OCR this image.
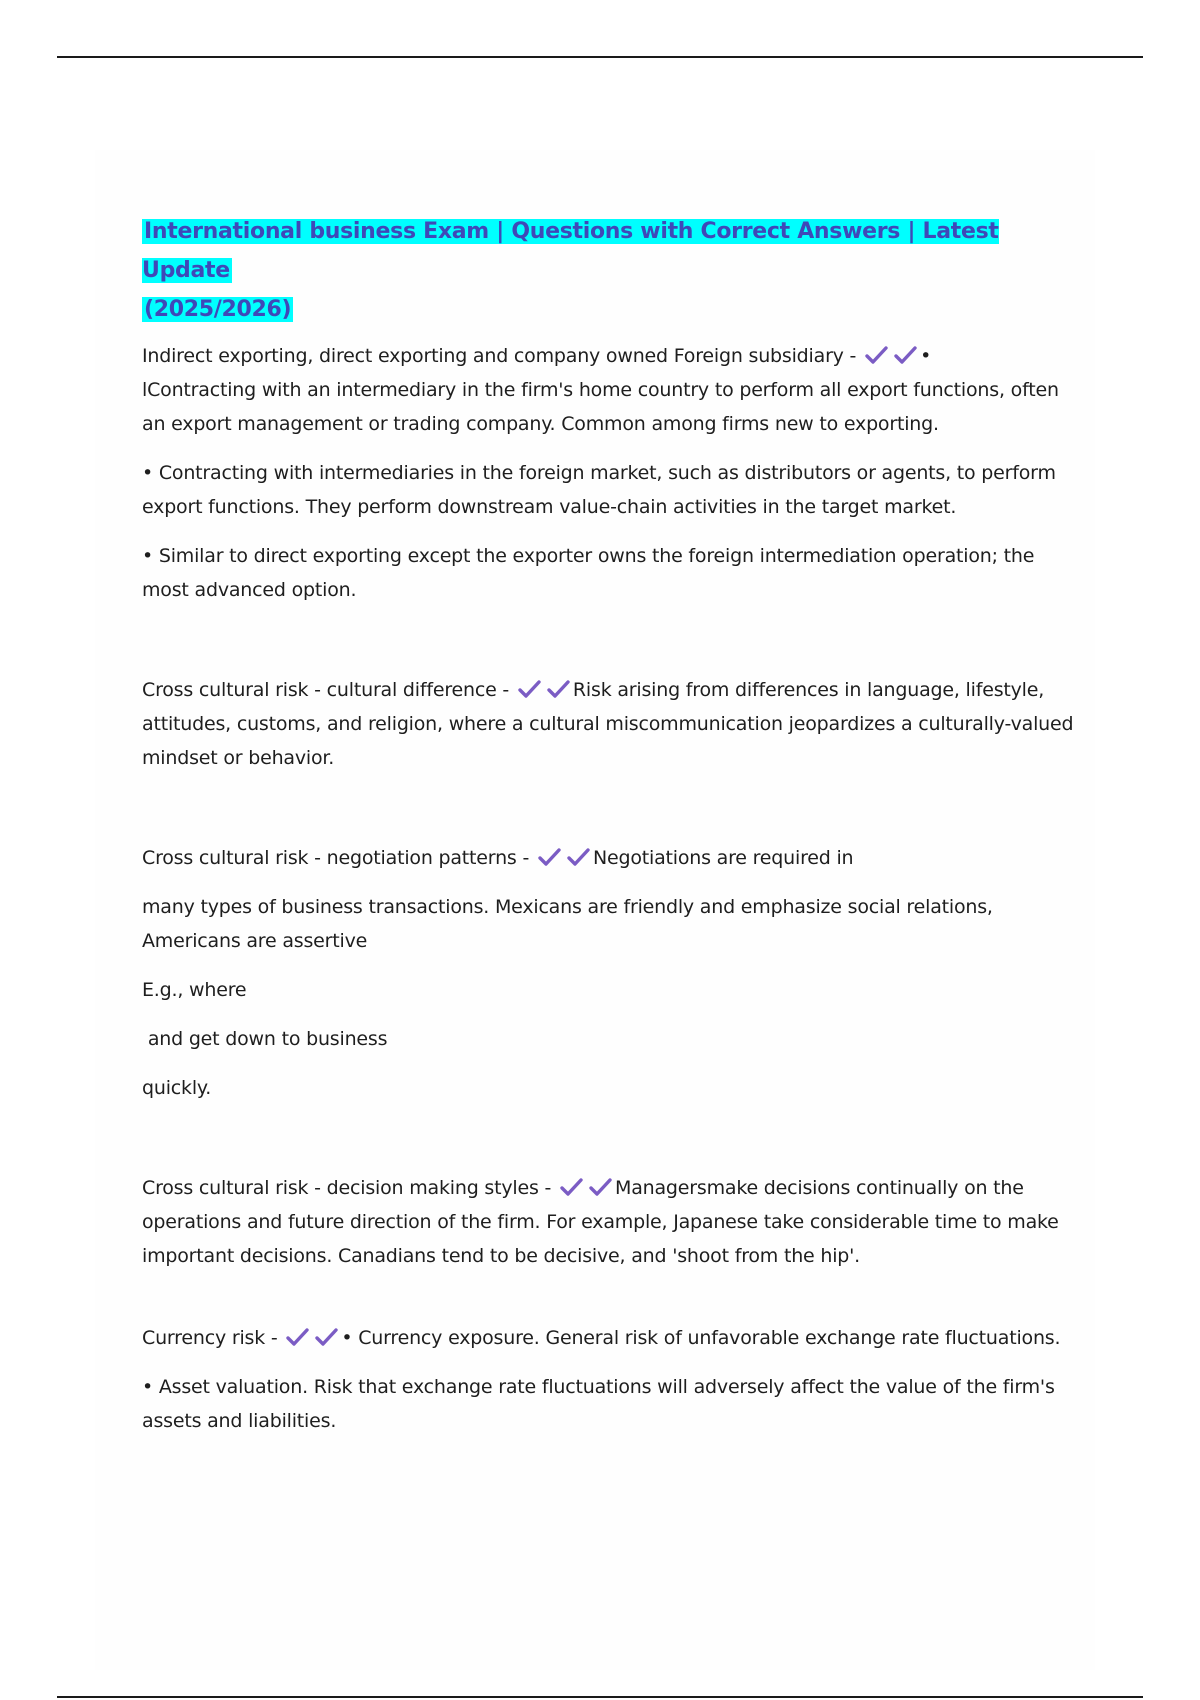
International business Exam | Questions with Correct Answers | Latest Update
(2025/2026)

Indirect exporting, direct exporting and company owned Foreign subsidiary -	•
lContracting with an intermediary in the firm's home country to perform all export functions, often an export management or trading company. Common among firms new to exporting.

• Contracting with intermediaries in the foreign market, such as distributors or agents, to perform export functions. They perform downstream value-chain activities in the target market.

• Similar to direct exporting except the exporter owns the foreign intermediation operation; the most advanced option.

Cross cultural risk - cultural difference -	Risk arising from differences in language, lifestyle, attitudes, customs, and religion, where a cultural miscommunication jeopardizes a culturally-valued mindset or behavior.

Cross cultural risk - negotiation patterns -	Negotiations are required in

many types of business transactions. Mexicans are friendly and emphasize social relations, Americans are assertive

E.g., where

and get down to business

quickly.

Cross cultural risk - decision making styles -	Managersmake decisions continually on the operations and future direction of the firm. For example, Japanese take considerable time to make important decisions. Canadians tend to be decisive, and 'shoot from the hip'.

Currency risk -	• Currency exposure. General risk of unfavorable exchange rate fluctuations.

• Asset valuation. Risk that exchange rate fluctuations will adversely affect the value of the firm's assets and liabilities.
